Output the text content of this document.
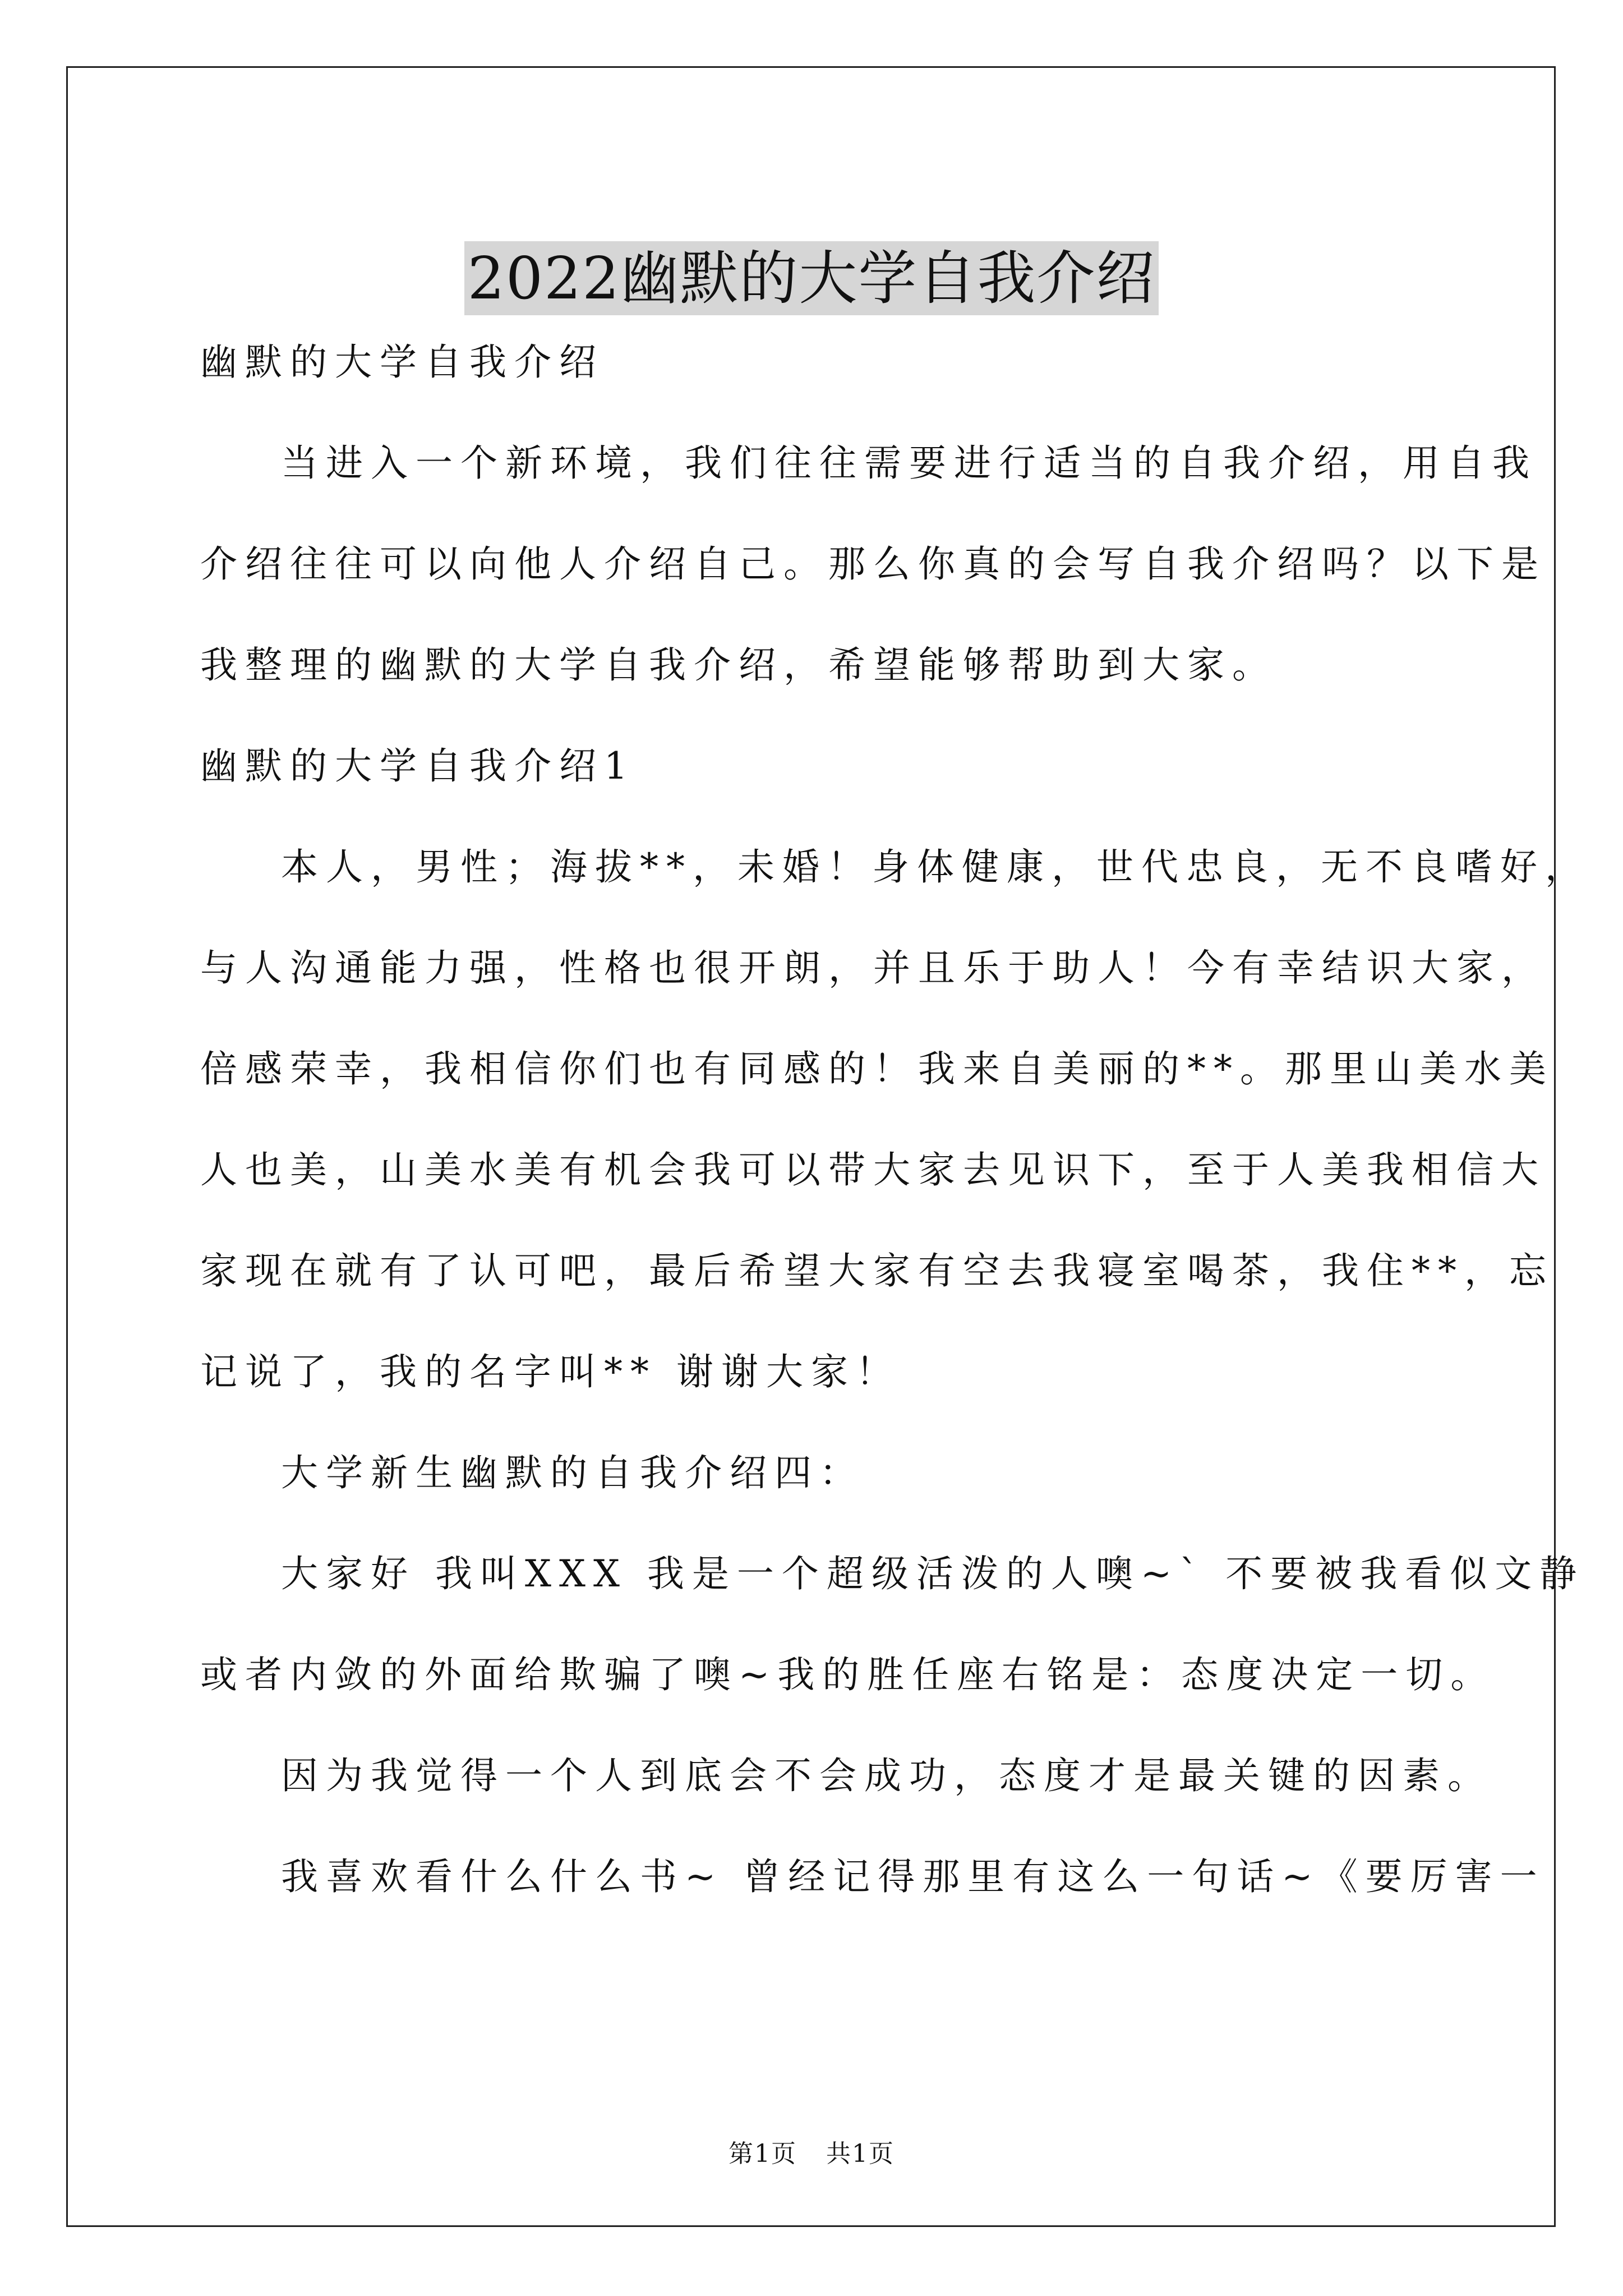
2022幽默的大学自我介绍
幽默的大学自我介绍
当进入一个新环境，我们往往需要进行适当的自我介绍，用自我
介绍往往可以向他人介绍自己。那么你真的会写自我介绍吗？以下是
我整理的幽默的大学自我介绍，希望能够帮助到大家。
幽默的大学自我介绍1
本人，男性；海拔**，未婚！身体健康，世代忠良，无不良嗜好，
与人沟通能力强，性格也很开朗，并且乐于助人！今有幸结识大家，
倍感荣幸，我相信你们也有同感的！我来自美丽的**。那里山美水美
人也美，山美水美有机会我可以带大家去见识下，至于人美我相信大
家现在就有了认可吧，最后希望大家有空去我寝室喝茶，我住**，忘
记说了，我的名字叫** 谢谢大家！
大学新生幽默的自我介绍四：
大家好 我叫XXX 我是一个超级活泼的人噢~` 不要被我看似文静
或者内敛的外面给欺骗了噢~我的胜任座右铭是：态度决定一切。
因为我觉得一个人到底会不会成功，态度才是最关键的因素。
我喜欢看什么什么书~ 曾经记得那里有这么一句话~《要厉害一
第1页 共1页
